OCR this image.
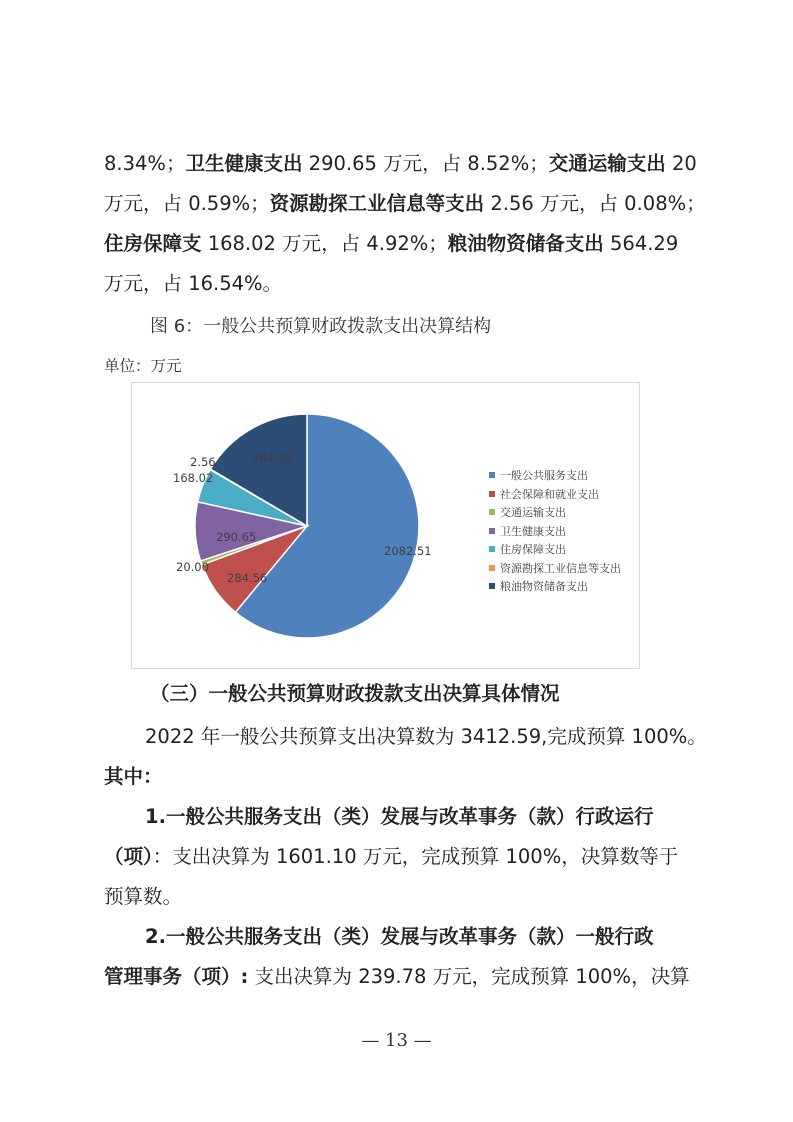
8.34%；卫生健康支出 290.65 万元，占 8.52%；交通运输支出 20
万元，占 0.59%；资源勘探工业信息等支出 2.56 万元，占 0.08%；
住房保障支 168.02 万元，占 4.92%；粮油物资储备支出 564.29
万元，占 16.54%。
图 6：一般公共预算财政拨款支出决算结构
单位：万元
2082.51
284.56
20.00
290.65
168.02
2.56	564.29
一般公共服务支出
社会保障和就业支出
交通运输支出
卫生健康支出
住房保障支出
资源勘探工业信息等支出
粮油物资储备支出
（三）一般公共预算财政拨款支出决算具体情况
2022 年一般公共预算支出决算数为 3412.59,完成预算 100%。
其中：
1.一般公共服务支出（类）发展与改革事务（款）行政运行
（项）：支出决算为 1601.10 万元，完成预算 100%，决算数等于
预算数。
2.一般公共服务支出（类）发展与改革事务（款）一般行政
管理事务（项）: 支出决算为 239.78 万元，完成预算 100%，决算
— 13 —
